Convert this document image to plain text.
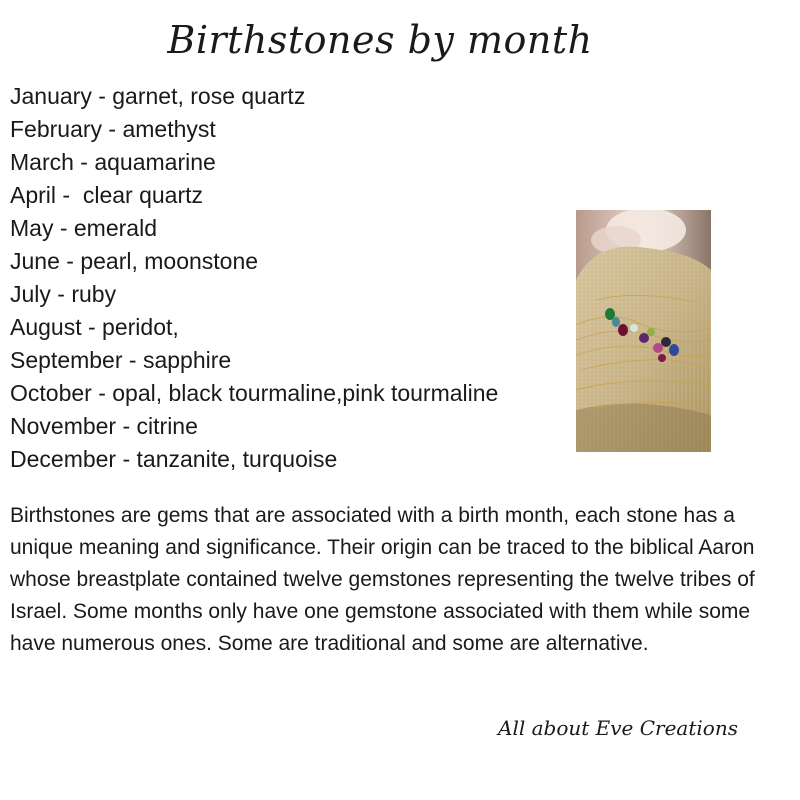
Birthstones by month
January - garnet, rose quartz
February - amethyst
March - aquamarine
April -  clear quartz
May - emerald
June - pearl, moonstone
July - ruby
August - peridot,
September - sapphire
October - opal, black tourmaline,pink tourmaline
November - citrine
December - tanzanite, turquoise

Birthstones are gems that are associated with a birth month, each stone has a unique meaning and significance. Their origin can be traced to the biblical Aaron whose breastplate contained twelve gemstones representing the twelve tribes of Israel. Some months only have one gemstone associated with them while some have numerous ones. Some are traditional and some are alternative.

All about Eve Creations
